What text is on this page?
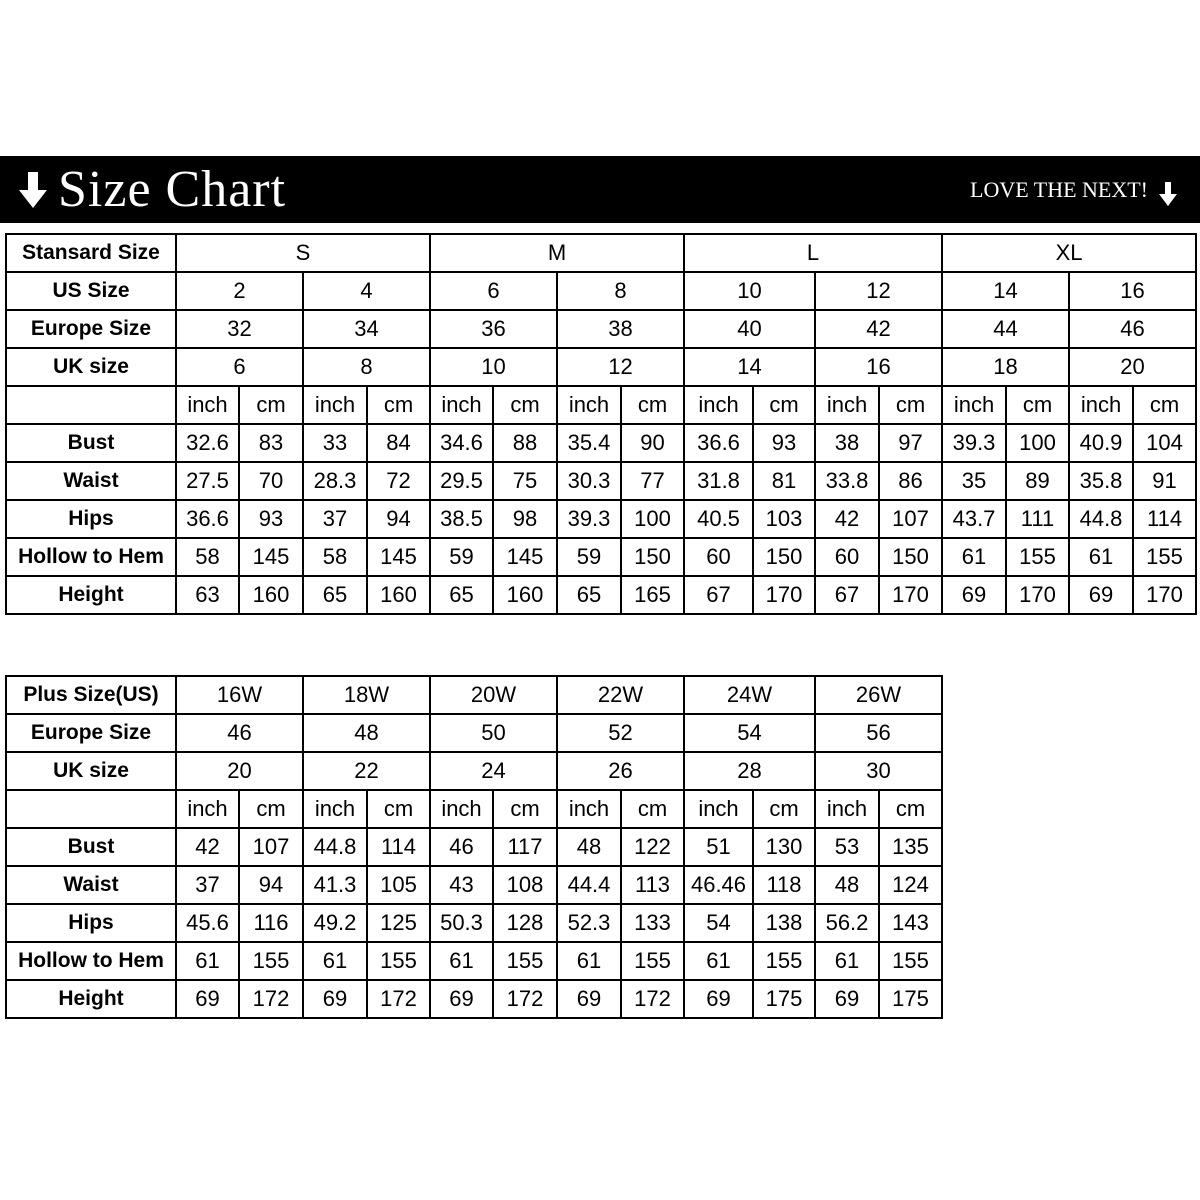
Size Chart	LOVE THE NEXT!
Stansard Size	S				M				L				XL			
US Size	2		4		6		8		10		12		14		16	
Europe Size	32		34		36		38		40		42		44		46	
UK size	6		8		10		12		14		16		18		20	
	inch	cm	inch	cm	inch	cm	inch	cm	inch	cm	inch	cm	inch	cm	inch	cm
Bust	32.6	83	33	84	34.6	88	35.4	90	36.6	93	38	97	39.3	100	40.9	104
Waist	27.5	70	28.3	72	29.5	75	30.3	77	31.8	81	33.8	86	35	89	35.8	91
Hips	36.6	93	37	94	38.5	98	39.3	100	40.5	103	42	107	43.7	111	44.8	114
Hollow to Hem	58	145	58	145	59	145	59	150	60	150	60	150	61	155	61	155
Height	63	160	65	160	65	160	65	165	67	170	67	170	69	170	69	170
Plus Size(US)	16W		18W		20W		22W		24W		26W		
Europe Size	46		48		50		52		54		56		
UK size	20		22		24		26		28		30		
	inch	cm	inch	cm	inch	cm	inch	cm	inch	cm	inch	cm	
Bust	42	107	44.8	114	46	117	48	122	51	130	53	135	
Waist	37	94	41.3	105	43	108	44.4	113	46.46	118	48	124	
Hips	45.6	116	49.2	125	50.3	128	52.3	133	54	138	56.2	143	
Hollow to Hem	61	155	61	155	61	155	61	155	61	155	61	155	
Height	69	172	69	172	69	172	69	172	69	175	69	175	
